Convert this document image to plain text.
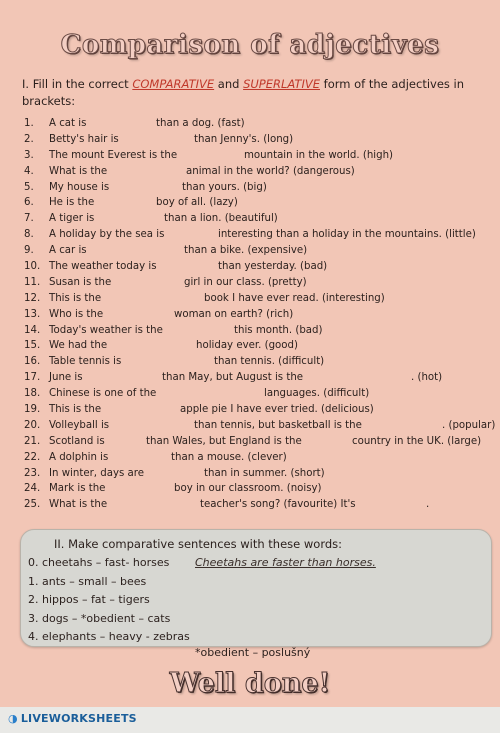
Comparison of adjectives
I. Fill in the correct COMPARATIVE and SUPERLATIVE form of the adjectives in brackets:
1. A cat is	than a dog. (fast)
2. Betty's hair is	than Jenny's. (long)
3. The mount Everest is the	mountain in the world. (high)
4. What is the	animal in the world? (dangerous)
5. My house is	than yours. (big)
6. He is the	boy of all. (lazy)
7. A tiger is	than a lion. (beautiful)
8. A holiday by the sea is	interesting than a holiday in the mountains. (little)
9. A car is	than a bike. (expensive)
10. The weather today is	than yesterday. (bad)
11. Susan is the	girl in our class. (pretty)
12. This is the	book I have ever read. (interesting)
13. Who is the	woman on earth? (rich)
14. Today's weather is the	this month. (bad)
15. We had the	holiday ever. (good)
16. Table tennis is	than tennis. (difficult)
17. June is	than May, but August is the	. (hot)
18. Chinese is one of the	languages. (difficult)
19. This is the	apple pie I have ever tried. (delicious)
20. Volleyball is	than tennis, but basketball is the	. (popular)
21. Scotland is	than Wales, but England is the	country in the UK. (large)
22. A dolphin is	than a mouse. (clever)
23. In winter, days are	than in summer. (short)
24. Mark is the	boy in our classroom. (noisy)
25. What is the	teacher's song? (favourite) It's	.
II. Make comparative sentences with these words:
0. cheetahs – fast- horses Cheetahs are faster than horses.
1. ants – small – bees
2. hippos – fat – tigers
3. dogs – *obedient – cats
4. elephants – heavy - zebras
*obedient – poslušný
Well done!
◑ LIVEWORKSHEETS
